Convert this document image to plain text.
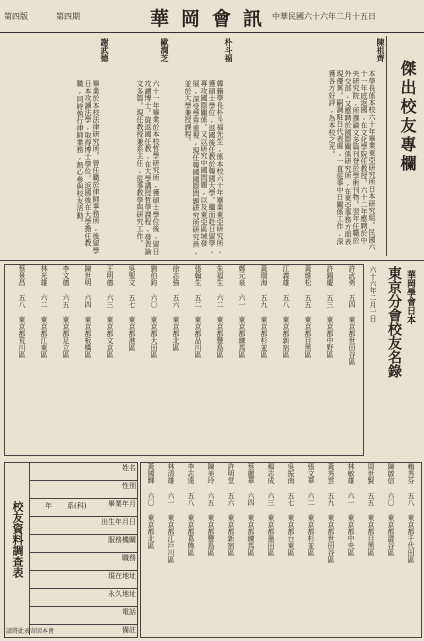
第四版	第四期	華岡會訊
中華民國六十六年二月十五日
傑出校友專欄
陳祖齊
本學長係本校六十年畢業東亞研究所日本研究組。民國六十一年底返國,在文化學院任教授。六十二年應聘於中央研究院,所撰論文多篇刊登於學術刊物。翌年任職於外交部,又應聘於國際關係研究所,在東亞事務方面表現優異。嗣調駐日代表處,一直從事中日關係工作,深獲各方好評,為本校之光。
朴斗福
韓籍學長朴斗福先生,係本校六十年畢業東亞研究所,獲碩士學位,返國後任教於韓國大學。繼而赴日留學,專攻國際關係。又以研究中國問題,以及東亞區域發展,深受學界重視,現任韓國國際問題研究所研究員,並於大學兼授課程。
歐潤芝
六十一年畢業於本校哲學研究所,獲碩士學位後,留日攻讀博士。旋返國任教,在大學講授哲學課程,發表論文多篇。現任教授兼系主任,從事教學與研究工作。
謝武德
畢業於本校法律研究所。曾任職於律師事務所,後留學日本攻讀法學,取得博士學位。返國後在大學擔任教職,同時執行律師業務,熱心參與校友活動。
華岡學會日本
東京分會校友名錄
六十六年二月一日
許武勇 五四 東京都世田谷區
許錫慶 五三 東京都中野區
黃維松 五五 東京都目黑區
江義雄 五八 東京都新宿區
黃瑞海 五九 東京都杉並區
鄭元泉 六一 東京都練馬區
朱福生 六二 東京都豐島區
張翰生 五二 東京都品川區
徐志強 五六 東京都北區
劉伯鈞 六〇 東京都大田區
吳聖文 五七 東京都港區
王明德 六三 東京都文京區
陳世明 六四 東京都板橋區
李文德 六五 東京都足立區
林光雄 六二 東京都江東區
蔡景昌 五八 東京都荒川區
賴秀芬 五八 東京都千代田區
陳啟信 六〇 東京都澀谷區
周世賢 五五 東京都目黑區
林敏雄 六一 東京都中央區
黃秀雲 五九 東京都世田谷區
張文華 六二 東京都杉並區
吳振南 五七 東京都台東區
楊志成 六三 東京都墨田區
蔡麗華 六四 東京都練馬區
許明堂 五六 東京都新宿區
陳美玲 六五 東京都豐島區
李志遠 五八 東京都葛飾區
林清雄 六一 東京都江戶川區
黃國輝 六〇 東京都北區
校友資料調查表
姓名
性別
畢業年月
出生年月日
服務機關
職務
現在地址
永久地址
電話
備註
年 系(科)
請將此表寄回本會
